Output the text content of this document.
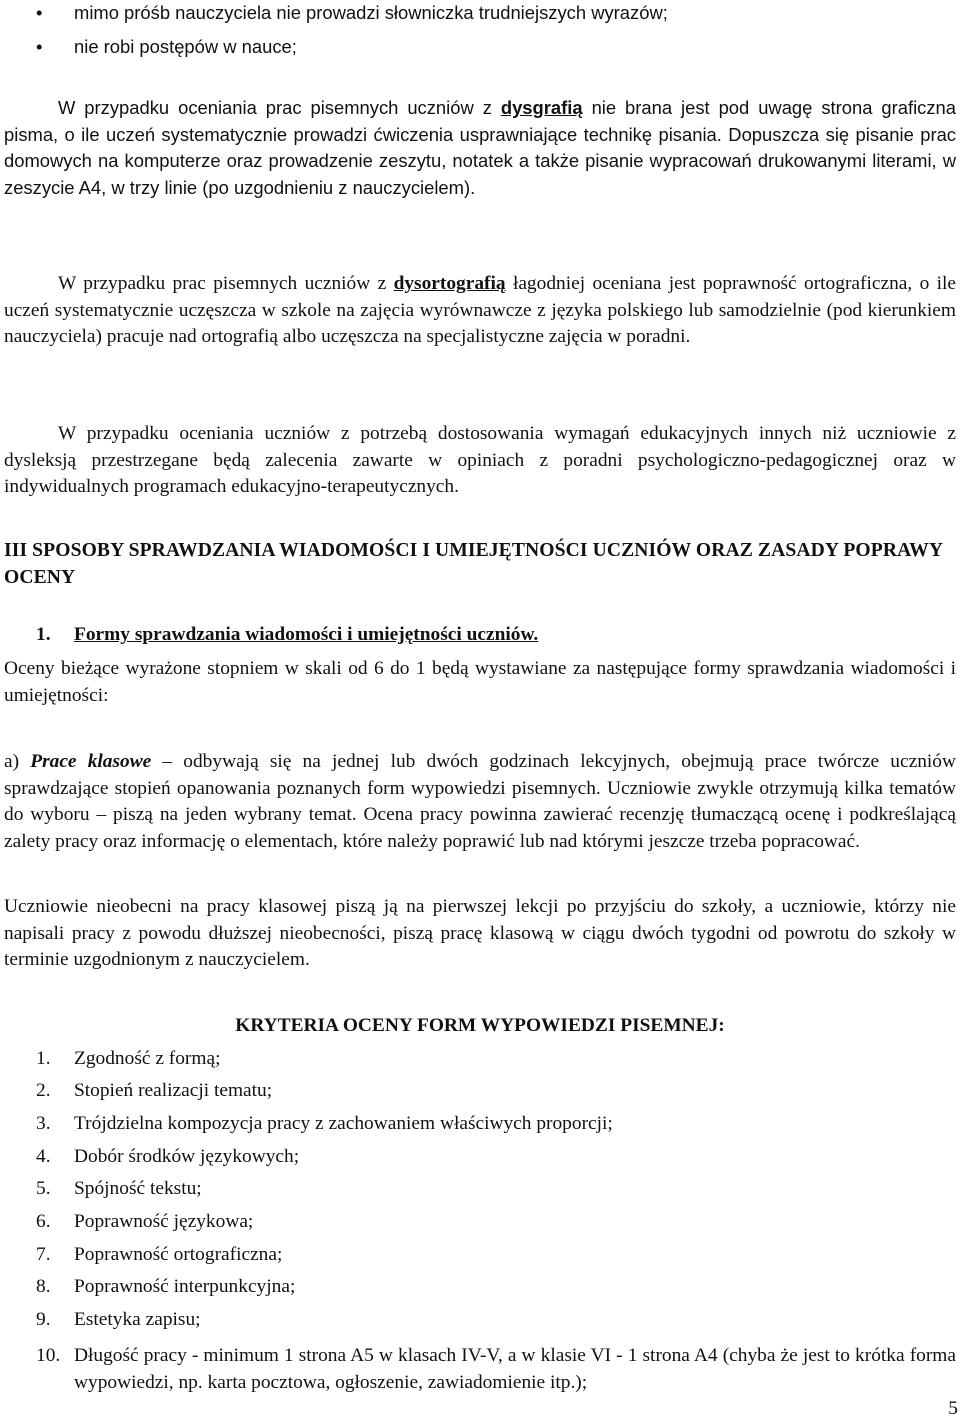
• mimo próśb nauczyciela nie prowadzi słowniczka trudniejszych wyrazów;
• nie robi postępów w nauce;

W przypadku oceniania prac pisemnych uczniów z dysgrafią nie brana jest pod uwagę strona graficzna pisma, o ile uczeń systematycznie prowadzi ćwiczenia usprawniające technikę pisania. Dopuszcza się pisanie prac domowych na komputerze oraz prowadzenie zeszytu, notatek a także pisanie wypracowań drukowanymi literami, w zeszycie A4, w trzy linie (po uzgodnieniu z nauczycielem).

W przypadku prac pisemnych uczniów z dysortografią łagodniej oceniana jest poprawność ortograficzna, o ile uczeń systematycznie uczęszcza w szkole na zajęcia wyrównawcze z języka polskiego lub samodzielnie (pod kierunkiem nauczyciela) pracuje nad ortografią albo uczęszcza na specjalistyczne zajęcia w poradni.

W przypadku oceniania uczniów z potrzebą dostosowania wymagań edukacyjnych innych niż uczniowie z dysleksją przestrzegane będą zalecenia zawarte w opiniach z poradni psychologiczno-pedagogicznej oraz w indywidualnych programach edukacyjno-terapeutycznych.

III SPOSOBY SPRAWDZANIA WIADOMOŚCI I UMIEJĘTNOŚCI UCZNIÓW ORAZ ZASADY POPRAWY OCENY

1. Formy sprawdzania wiadomości i umiejętności uczniów.

Oceny bieżące wyrażone stopniem w skali od 6 do 1 będą wystawiane za następujące formy sprawdzania wiadomości i umiejętności:

a) Prace klasowe – odbywają się na jednej lub dwóch godzinach lekcyjnych, obejmują prace twórcze uczniów sprawdzające stopień opanowania poznanych form wypowiedzi pisemnych. Uczniowie zwykle otrzymują kilka tematów do wyboru – piszą na jeden wybrany temat. Ocena pracy powinna zawierać recenzję tłumaczącą ocenę i podkreślającą zalety pracy oraz informację o elementach, które należy poprawić lub nad którymi jeszcze trzeba popracować.

Uczniowie nieobecni na pracy klasowej piszą ją na pierwszej lekcji po przyjściu do szkoły, a uczniowie, którzy nie napisali pracy z powodu dłuższej nieobecności, piszą pracę klasową w ciągu dwóch tygodni od powrotu do szkoły w terminie uzgodnionym z nauczycielem.

KRYTERIA OCENY FORM WYPOWIEDZI PISEMNEJ:
1. Zgodność z formą;
2. Stopień realizacji tematu;
3. Trójdzielna kompozycja pracy z zachowaniem właściwych proporcji;
4. Dobór środków językowych;
5. Spójność tekstu;
6. Poprawność językowa;
7. Poprawność ortograficzna;
8. Poprawność interpunkcyjna;
9. Estetyka zapisu;
10. Długość pracy - minimum 1 strona A5 w klasach IV-V, a w klasie VI - 1 strona A4 (chyba że jest to krótka forma wypowiedzi, np. karta pocztowa, ogłoszenie, zawiadomienie itp.);
5
